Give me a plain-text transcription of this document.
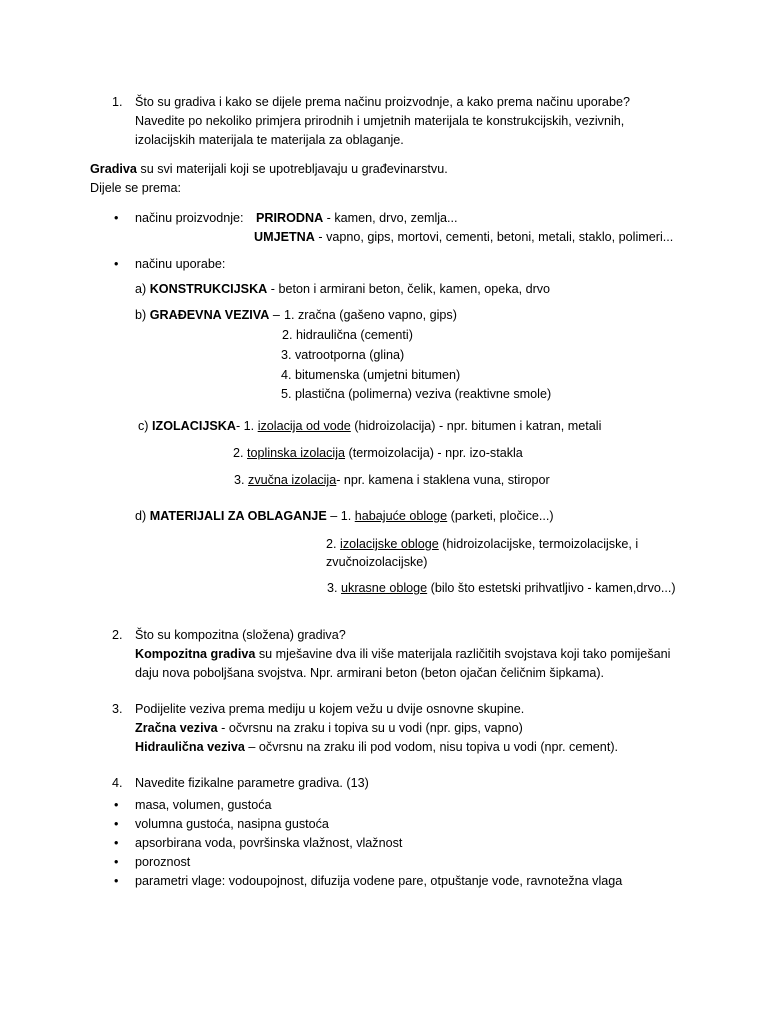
1. Što su gradiva i kako se dijele prema načinu proizvodnje, a kako prema načinu uporabe?
Navedite po nekoliko primjera prirodnih i umjetnih materijala te konstrukcijskih, vezivnih,
izolacijskih materijala te materijala za oblaganje.
Gradiva su svi materijali koji se upotrebljavaju u građevinarstvu.
Dijele se prema:
• načinu proizvodnje: PRIRODNA - kamen, drvo, zemlja...
UMJETNA - vapno, gips, mortovi, cementi, betoni, metali, staklo, polimeri...
• načinu uporabe:
a) KONSTRUKCIJSKA - beton i armirani beton, čelik, kamen, opeka, drvo
b) GRAĐEVNA VEZIVA – 1. zračna (gašeno vapno, gips)
2. hidraulična (cementi)
3. vatrootporna (glina)
4. bitumenska (umjetni bitumen)
5. plastična (polimerna) veziva (reaktivne smole)
c) IZOLACIJSKA- 1. izolacija od vode (hidroizolacija) - npr. bitumen i katran, metali
2. toplinska izolacija (termoizolacija) - npr. izo-stakla
3. zvučna izolacija- npr. kamena i staklena vuna, stiropor
d) MATERIJALI ZA OBLAGANJE – 1. habajuće obloge (parketi, pločice...)
2. izolacijske obloge (hidroizolacijske, termoizolacijske, i
zvučnoizolacijske)
3. ukrasne obloge (bilo što estetski prihvatljivo - kamen,drvo...)
2. Što su kompozitna (složena) gradiva?
Kompozitna gradiva su mješavine dva ili više materijala različitih svojstava koji tako pomiješani
daju nova poboljšana svojstva. Npr. armirani beton (beton ojačan čeličnim šipkama).
3. Podijelite veziva prema mediju u kojem vežu u dvije osnovne skupine.
Zračna veziva - očvrsnu na zraku i topiva su u vodi (npr. gips, vapno)
Hidraulična veziva – očvrsnu na zraku ili pod vodom, nisu topiva u vodi (npr. cement).
4. Navedite fizikalne parametre gradiva. (13)
• masa, volumen, gustoća
• volumna gustoća, nasipna gustoća
• apsorbirana voda, površinska vlažnost, vlažnost
• poroznost
• parametri vlage: vodoupojnost, difuzija vodene pare, otpuštanje vode, ravnotežna vlaga
